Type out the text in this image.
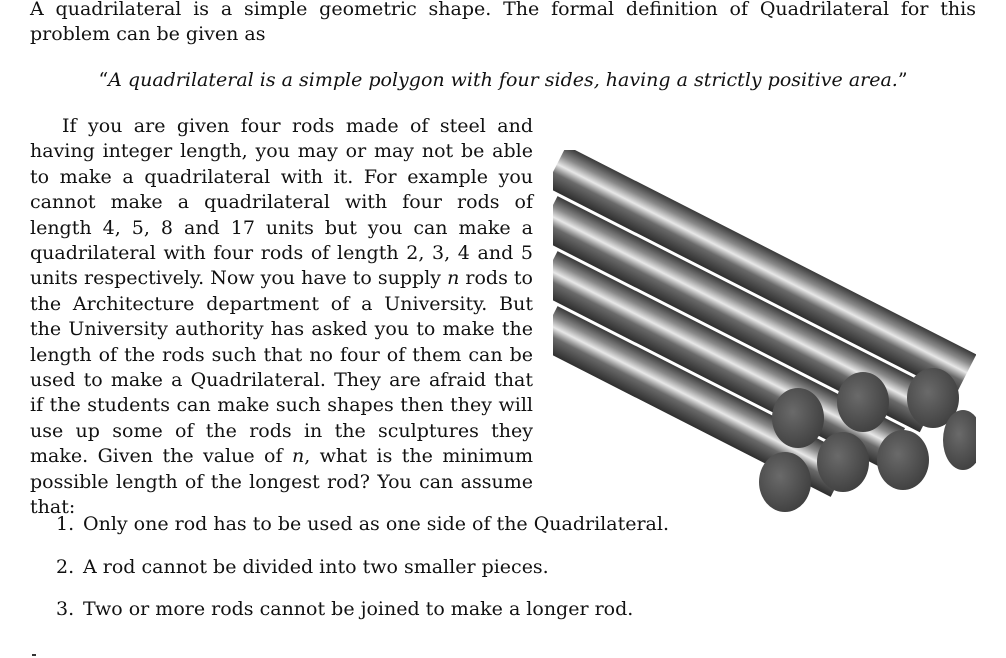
A quadrilateral is a simple geometric shape. The formal definition of Quadrilateral for this problem can be given as

“A quadrilateral is a simple polygon with four sides, having a strictly positive area.”

If you are given four rods made of steel and having integer length, you may or may not be able to make a quadrilateral with it. For example you cannot make a quadrilateral with four rods of length 4, 5, 8 and 17 units but you can make a quadrilateral with four rods of length 2, 3, 4 and 5 units respectively. Now you have to supply n rods to the Architecture department of a University. But the University authority has asked you to make the length of the rods such that no four of them can be used to make a Quadrilateral. They are afraid that if the students can make such shapes then they will use up some of the rods in the sculptures they make. Given the value of n, what is the minimum possible length of the longest rod? You can assume that:

1. Only one rod has to be used as one side of the Quadrilateral.
2. A rod cannot be divided into two smaller pieces.
3. Two or more rods cannot be joined to make a longer rod.
